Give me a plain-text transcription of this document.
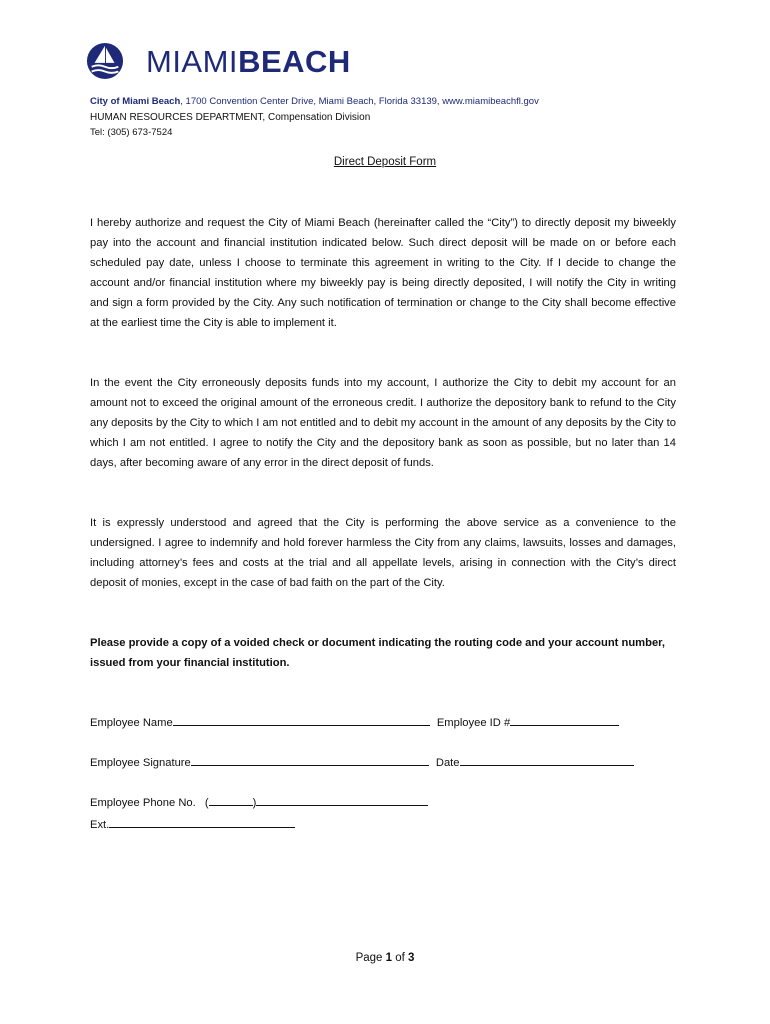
MIAMIBEACH
City of Miami Beach, 1700 Convention Center Drive, Miami Beach, Florida 33139, www.miamibeachfl.gov
HUMAN RESOURCES DEPARTMENT, Compensation Division
Tel: (305) 673-7524
Direct Deposit Form
I hereby authorize and request the City of Miami Beach (hereinafter called the “City”) to directly deposit my biweekly pay into the account and financial institution indicated below. Such direct deposit will be made on or before each scheduled pay date, unless I choose to terminate this agreement in writing to the City. If I decide to change the account and/or financial institution where my biweekly pay is being directly deposited, I will notify the City in writing and sign a form provided by the City. Any such notification of termination or change to the City shall become effective at the earliest time the City is able to implement it.
In the event the City erroneously deposits funds into my account, I authorize the City to debit my account for an amount not to exceed the original amount of the erroneous credit. I authorize the depository bank to refund to the City any deposits by the City to which I am not entitled and to debit my account in the amount of any deposits by the City to which I am not entitled. I agree to notify the City and the depository bank as soon as possible, but no later than 14 days, after becoming aware of any error in the direct deposit of funds.
It is expressly understood and agreed that the City is performing the above service as a convenience to the undersigned. I agree to indemnify and hold forever harmless the City from any claims, lawsuits, losses and damages, including attorney’s fees and costs at the trial and all appellate levels, arising in connection with the City’s direct deposit of monies, except in the case of bad faith on the part of the City.
Please provide a copy of a voided check or document indicating the routing code and your account number, issued from your financial institution.
Employee Name	Employee ID #
Employee Signature	Date
Employee Phone No. (	)
Ext.
Page 1 of 3
